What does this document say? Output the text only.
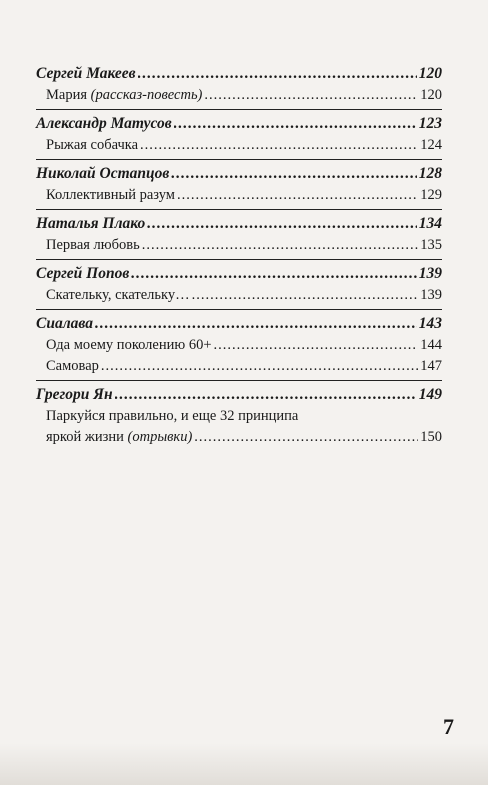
Сергей Макеев .....	120
Мария (рассказ-повесть) .....	120
Александр Матусов .....	123
Рыжая собачка .....	124
Николай Остапцов .....	128
Коллективный разум .....	129
Наталья Плако .....	134
Первая любовь .....	135
Сергей Попов .....	139
Скательку, скательку… .....	139
Сиалава .....	143
Ода моему поколению 60+ .....	144
Самовар .....	147
Грегори Ян .....	149
Паркуйся правильно, и еще 32 принципа
яркой жизни (отрывки) .....	150
7
